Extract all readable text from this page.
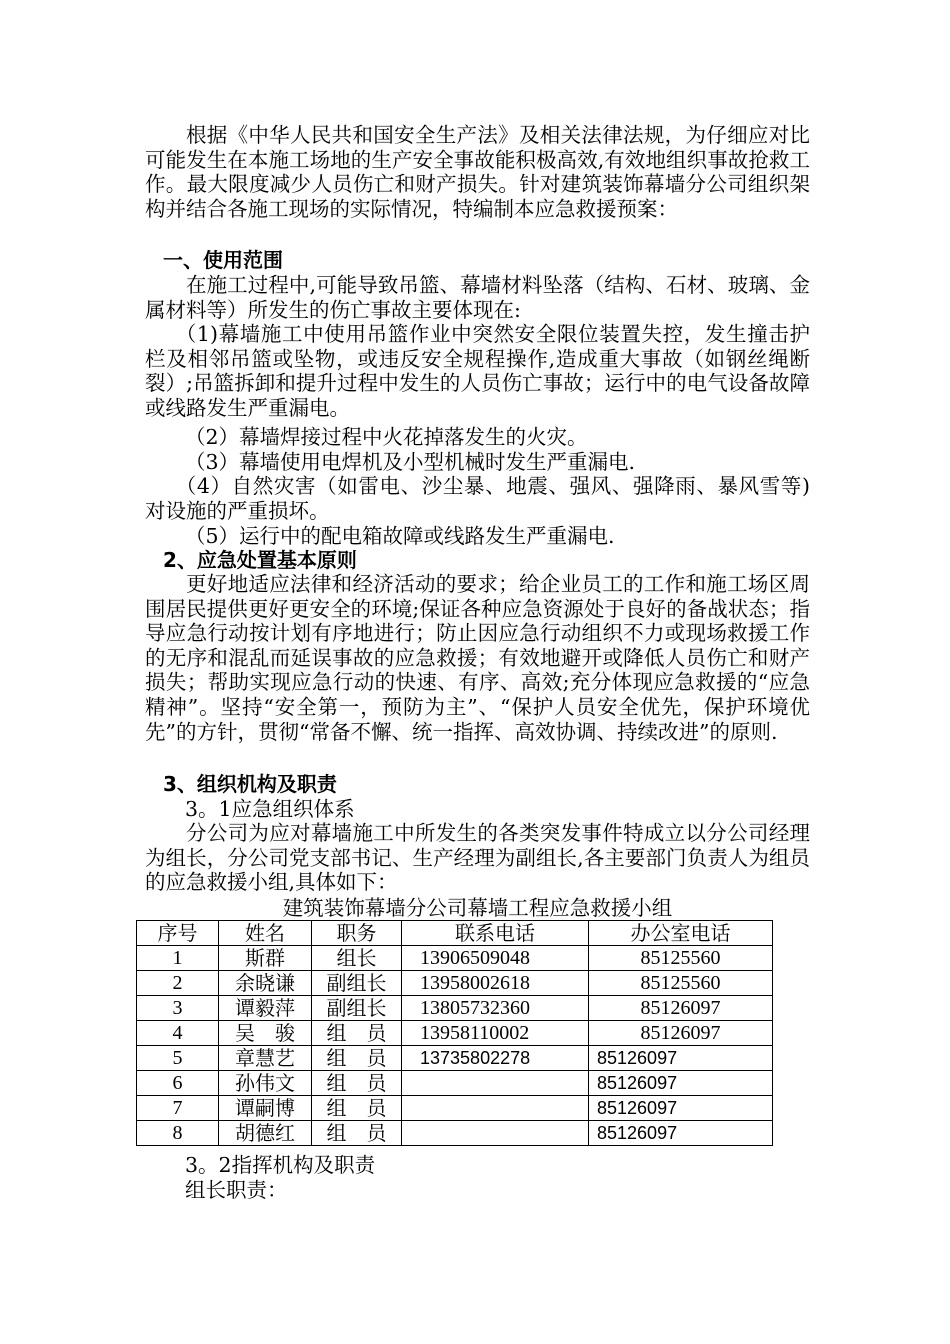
根据《中华人民共和国安全生产法》及相关法律法规，为仔细应对比可能发生在本施工场地的生产安全事故能积极高效,有效地组织事故抢救工作。最大限度减少人员伤亡和财产损失。针对建筑装饰幕墙分公司组织架构并结合各施工现场的实际情况，特编制本应急救援预案：

一、使用范围

在施工过程中,可能导致吊篮、幕墙材料坠落（结构、石材、玻璃、金属材料等）所发生的伤亡事故主要体现在:

（1)幕墙施工中使用吊篮作业中突然安全限位装置失控，发生撞击护栏及相邻吊篮或坠物，或违反安全规程操作,造成重大事故（如钢丝绳断裂）;吊篮拆卸和提升过程中发生的人员伤亡事故；运行中的电气设备故障或线路发生严重漏电。

（2）幕墙焊接过程中火花掉落发生的火灾。
（3）幕墙使用电焊机及小型机械时发生严重漏电.

（4）自然灾害（如雷电、沙尘暴、地震、强风、强降雨、暴风雪等)对设施的严重损坏。

（5）运行中的配电箱故障或线路发生严重漏电.
2、应急处置基本原则

更好地适应法律和经济活动的要求；给企业员工的工作和施工场区周围居民提供更好更安全的环境;保证各种应急资源处于良好的备战状态；指导应急行动按计划有序地进行；防止因应急行动组织不力或现场救援工作的无序和混乱而延误事故的应急救援；有效地避开或降低人员伤亡和财产损失；帮助实现应急行动的快速、有序、高效;充分体现应急救援的“应急精神”。坚持“安全第一，预防为主”、“保护人员安全优先，保护环境优先”的方针，贯彻“常备不懈、统一指挥、高效协调、持续改进”的原则.

3、组织机构及职责
3。1应急组织体系

分公司为应对幕墙施工中所发生的各类突发事件特成立以分公司经理为组长，分公司党支部书记、生产经理为副组长,各主要部门负责人为组员的应急救援小组,具体如下：

建筑装饰幕墙分公司幕墙工程应急救援小组
序号	姓名	职务	联系电话	办公室电话
1	斯群	组长	13906509048	85125560
2	余晓谦	副组长	13958002618	85125560
3	谭毅萍	副组长	13805732360	85126097
4	吴　骏	组　员	13958110002	85126097
5	章慧艺	组　员	13735802278	85126097
6	孙伟文	组　员		85126097
7	谭嗣博	组　员		85126097
8	胡德红	组　员		85126097
3。2指挥机构及职责
组长职责：
